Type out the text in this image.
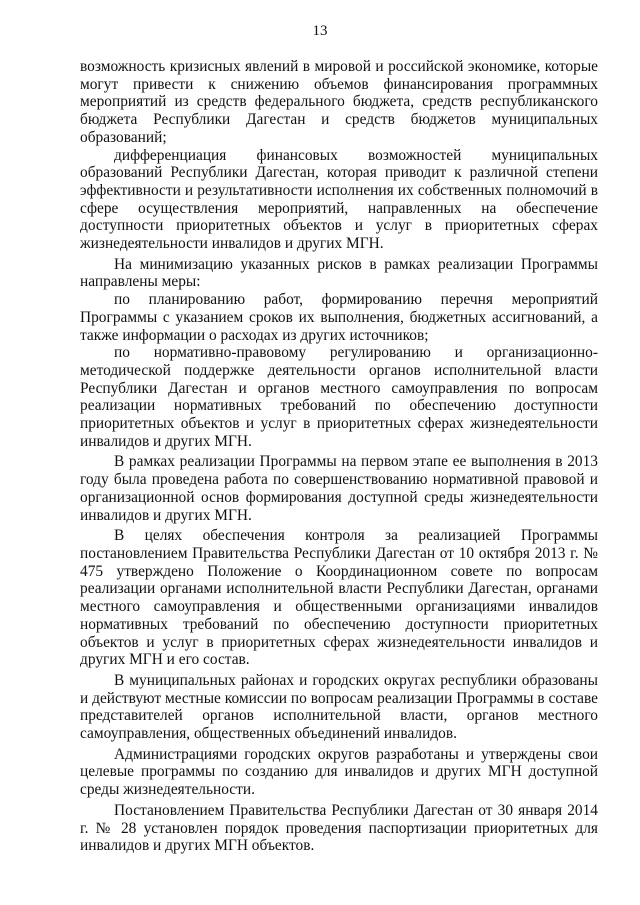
13

возможность кризисных явлений в мировой и российской экономике, которые могут привести к снижению объемов финансирования программных мероприятий из средств федерального бюджета, средств республиканского бюджета Республики Дагестан и средств бюджетов муниципальных образований;

дифференциация финансовых возможностей муниципальных образований Республики Дагестан, которая приводит к различной степени эффективности и результативности исполнения их собственных полномочий в сфере осуществления мероприятий, направленных на обеспечение доступности приоритетных объектов и услуг в приоритетных сферах жизнедеятельности инвалидов и других МГН.

На минимизацию указанных рисков в рамках реализации Программы направлены меры:

по планированию работ, формированию перечня мероприятий Программы с указанием сроков их выполнения, бюджетных ассигнований, а также информации о расходах из других источников;

по нормативно-правовому регулированию и организационно-методической поддержке деятельности органов исполнительной власти Республики Дагестан и органов местного самоуправления по вопросам реализации нормативных требований по обеспечению доступности приоритетных объектов и услуг в приоритетных сферах жизнедеятельности инвалидов и других МГН.

В рамках реализации Программы на первом этапе ее выполнения в 2013 году была проведена работа по совершенствованию нормативной правовой и организационной основ формирования доступной среды жизнедеятельности инвалидов и других МГН.

В целях обеспечения контроля за реализацией Программы постановлением Правительства Республики Дагестан от 10 октября 2013 г. № 475 утверждено Положение о Координационном совете по вопросам реализации органами исполнительной власти Республики Дагестан, органами местного самоуправления и общественными организациями инвалидов нормативных требований по обеспечению доступности приоритетных объектов и услуг в приоритетных сферах жизнедеятельности инвалидов и других МГН и его состав.

В муниципальных районах и городских округах республики образованы и действуют местные комиссии по вопросам реализации Программы в составе представителей органов исполнительной власти, органов местного самоуправления, общественных объединений инвалидов.

Администрациями городских округов разработаны и утверждены свои целевые программы по созданию для инвалидов и других МГН доступной среды жизнедеятельности.

Постановлением Правительства Республики Дагестан от 30 января 2014 г. № 28 установлен порядок проведения паспортизации приоритетных для инвалидов и других МГН объектов.
